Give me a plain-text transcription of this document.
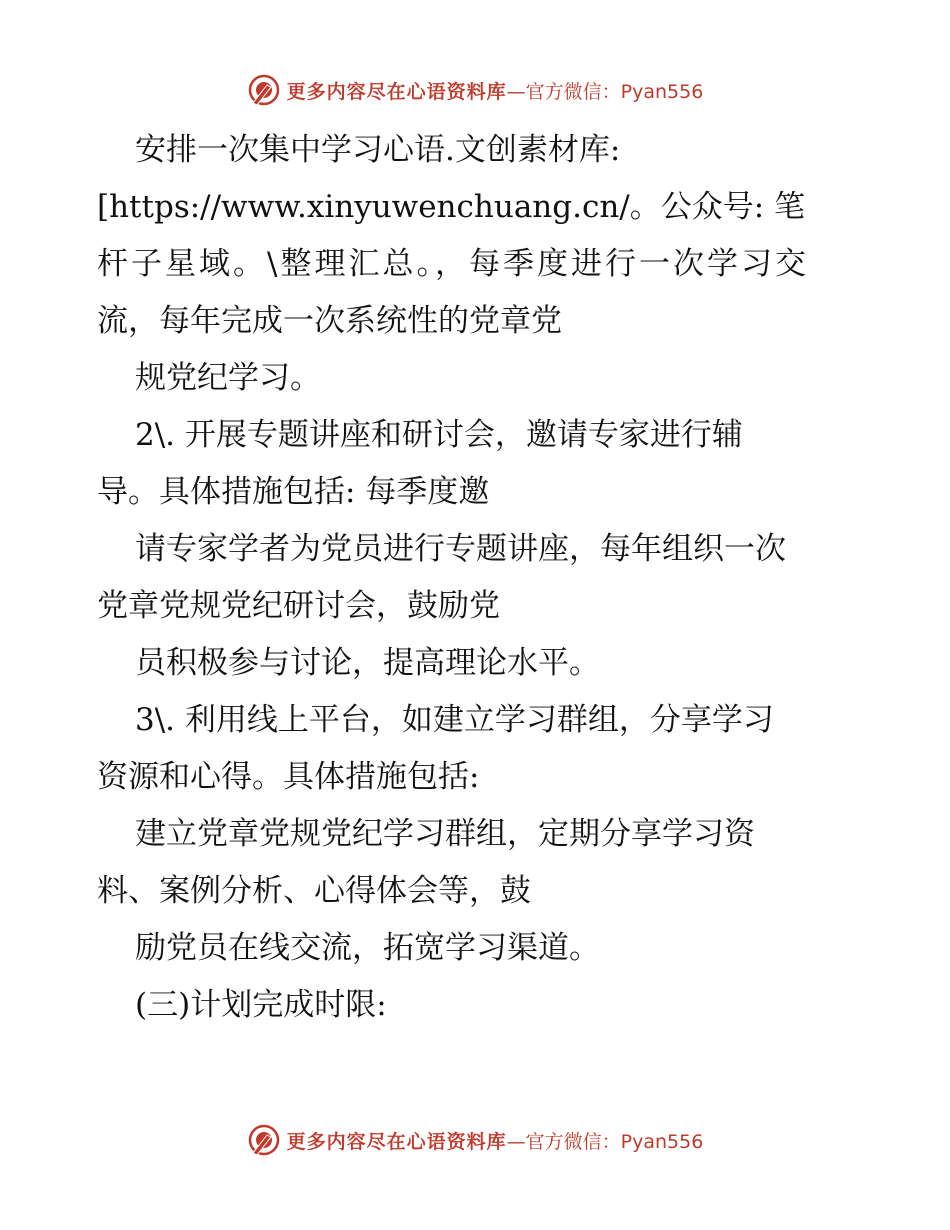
更多内容尽在心语资料库 —官方微信：Pyan556
安排一次集中学习心语.文创素材库:
[https://www.xinyuwenchuang.cn/。公众号: 笔
杆子星域。\整理汇总。，每季度进行一次学习交
流，每年完成一次系统性的党章党
规党纪学习。
2\. 开展专题讲座和研讨会，邀请专家进行辅
导。具体措施包括: 每季度邀
请专家学者为党员进行专题讲座，每年组织一次
党章党规党纪研讨会，鼓励党
员积极参与讨论，提高理论水平。
3\. 利用线上平台，如建立学习群组，分享学习
资源和心得。具体措施包括:
建立党章党规党纪学习群组，定期分享学习资
料、案例分析、心得体会等，鼓
励党员在线交流，拓宽学习渠道。
(三)计划完成时限:
更多内容尽在心语资料库 —官方微信：Pyan556
